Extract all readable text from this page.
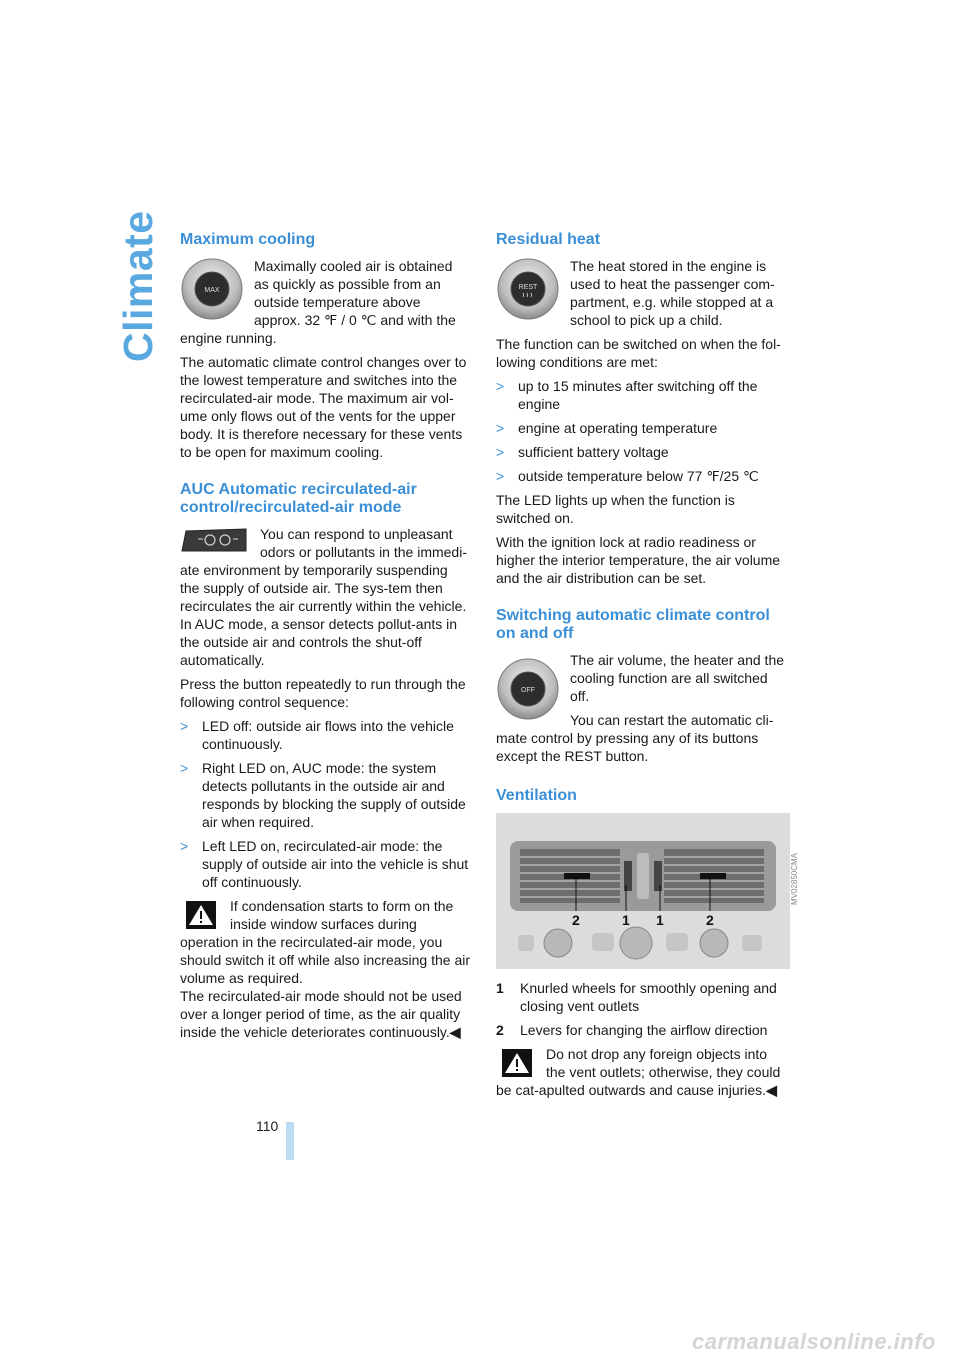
Climate Maximum cooling
MAX

Maximally cooled air is obtained as quickly as possible from an outside temperature above approx. 32 ℉ / 0 ℃ and with the engine running.

The automatic climate control changes over to the lowest temperature and switches into the recirculated-air mode. The maximum air vol-ume only flows out of the vents for the upper body. It is therefore necessary for these vents to be open for maximum cooling.

AUC Automatic recirculated-air control/recirculated-air mode

You can respond to unpleasant odors or pollutants in the immedi-ate environment by temporarily suspending the supply of outside air. The sys-tem then recirculates the air currently within the vehicle. In AUC mode, a sensor detects pollut-ants in the outside air and controls the shut-off automatically.

Press the button repeatedly to run through the following control sequence:

> LED off: outside air flows into the vehicle continuously.
> Right LED on, AUC mode: the system detects pollutants in the outside air and responds by blocking the supply of outside air when required.
> Left LED on, recirculated-air mode: the supply of outside air into the vehicle is shut off continuously.

If condensation starts to form on the inside window surfaces during operation in the recirculated-air mode, you should switch it off while also increasing the air volume as required.

The recirculated-air mode should not be used over a longer period of time, as the air quality inside the vehicle deteriorates continuously.◀

Residual heat
REST

The heat stored in the engine is used to heat the passenger com-partment, e.g. while stopped at a school to pick up a child.

The function can be switched on when the fol-lowing conditions are met:

> up to 15 minutes after switching off the engine
> engine at operating temperature
> sufficient battery voltage
> outside temperature below 77 ℉/25 ℃

The LED lights up when the function is switched on.

With the ignition lock at radio readiness or higher the interior temperature, the air volume and the air distribution can be set.

Switching automatic climate control on and off
OFF

The air volume, the heater and the cooling function are all switched off.

You can restart the automatic cli-mate control by pressing any of its buttons except the REST button.

Ventilation
2	1 1	2
MV02850CMA
1 Knurled wheels for smoothly opening and closing vent outlets
2 Levers for changing the airflow direction

Do not drop any foreign objects into the vent outlets; otherwise, they could be cat-apulted outwards and cause injuries.◀

110
carmanualsonline.info
